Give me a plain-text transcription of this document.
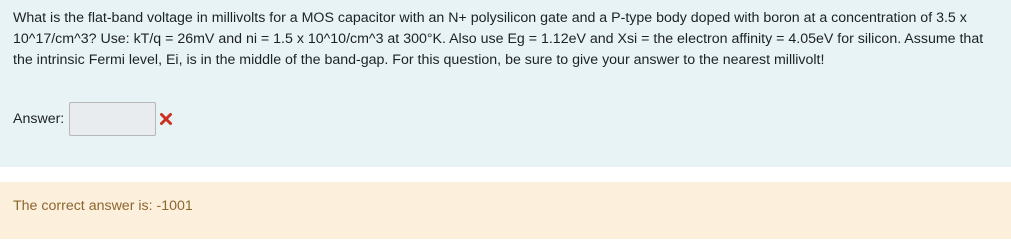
What is the flat-band voltage in millivolts for a MOS capacitor with an N+ polysilicon gate and a P-type body doped with boron at a concentration of 3.5 x 10^17/cm^3? Use: kT/q = 26mV and ni = 1.5 x 10^10/cm^3 at 300°K. Also use Eg = 1.12eV and Xsi = the electron affinity = 4.05eV for silicon. Assume that the intrinsic Fermi level, Ei, is in the middle of the band-gap. For this question, be sure to give your answer to the nearest millivolt!

Answer:
The correct answer is: -1001
